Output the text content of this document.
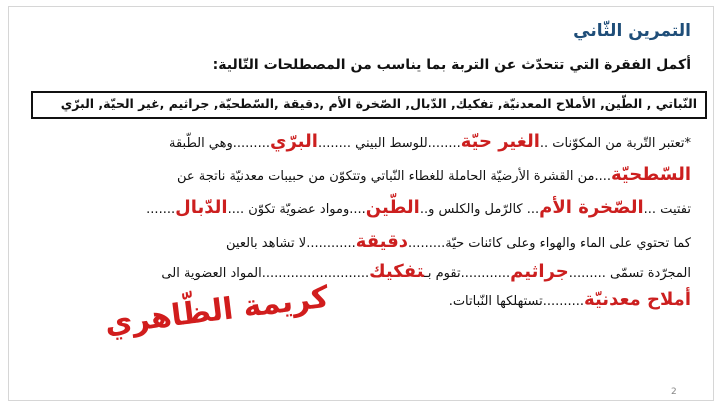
التمرين الثّاني
أكمل الفقرة التي تتحدّث عن التربة بما يناسب من المصطلحات التّالية:
النّباتي , الطّين, الأملاح المعدنيّة, تفكيك, الدّبال, الصّخرة الأم ,دقيقة ,السّطحيّة, جراثيم ,غير الحيّة, البرّي
*تعتبر التّربة من المكوّنات ..الغير حيّة........للوسط البيني ........البرّي.........وهي الطّبقة
السّطحيّة....من القشرة الأرضيّة الحاملة للغطاء النّباتي وتتكوّن من حبيبات معدنيّة ناتجة عن
تفتيت ...الصّخرة الأم... كالرّمل والكلس و..الطّين....ومواد عضويّة تكوّن ....الدّبال.......
كما تحتوي على الماء والهواء وعلى كائنات حيّة.........دقيقة............لا تشاهد بالعين
المجرّدة تسمّى .........جراثيم............تقوم بـتفكيك..........................المواد العضوية الى
أملاح معدنيّة..........تستهلكها النّباتات.
كريمة الظّاهري
2
